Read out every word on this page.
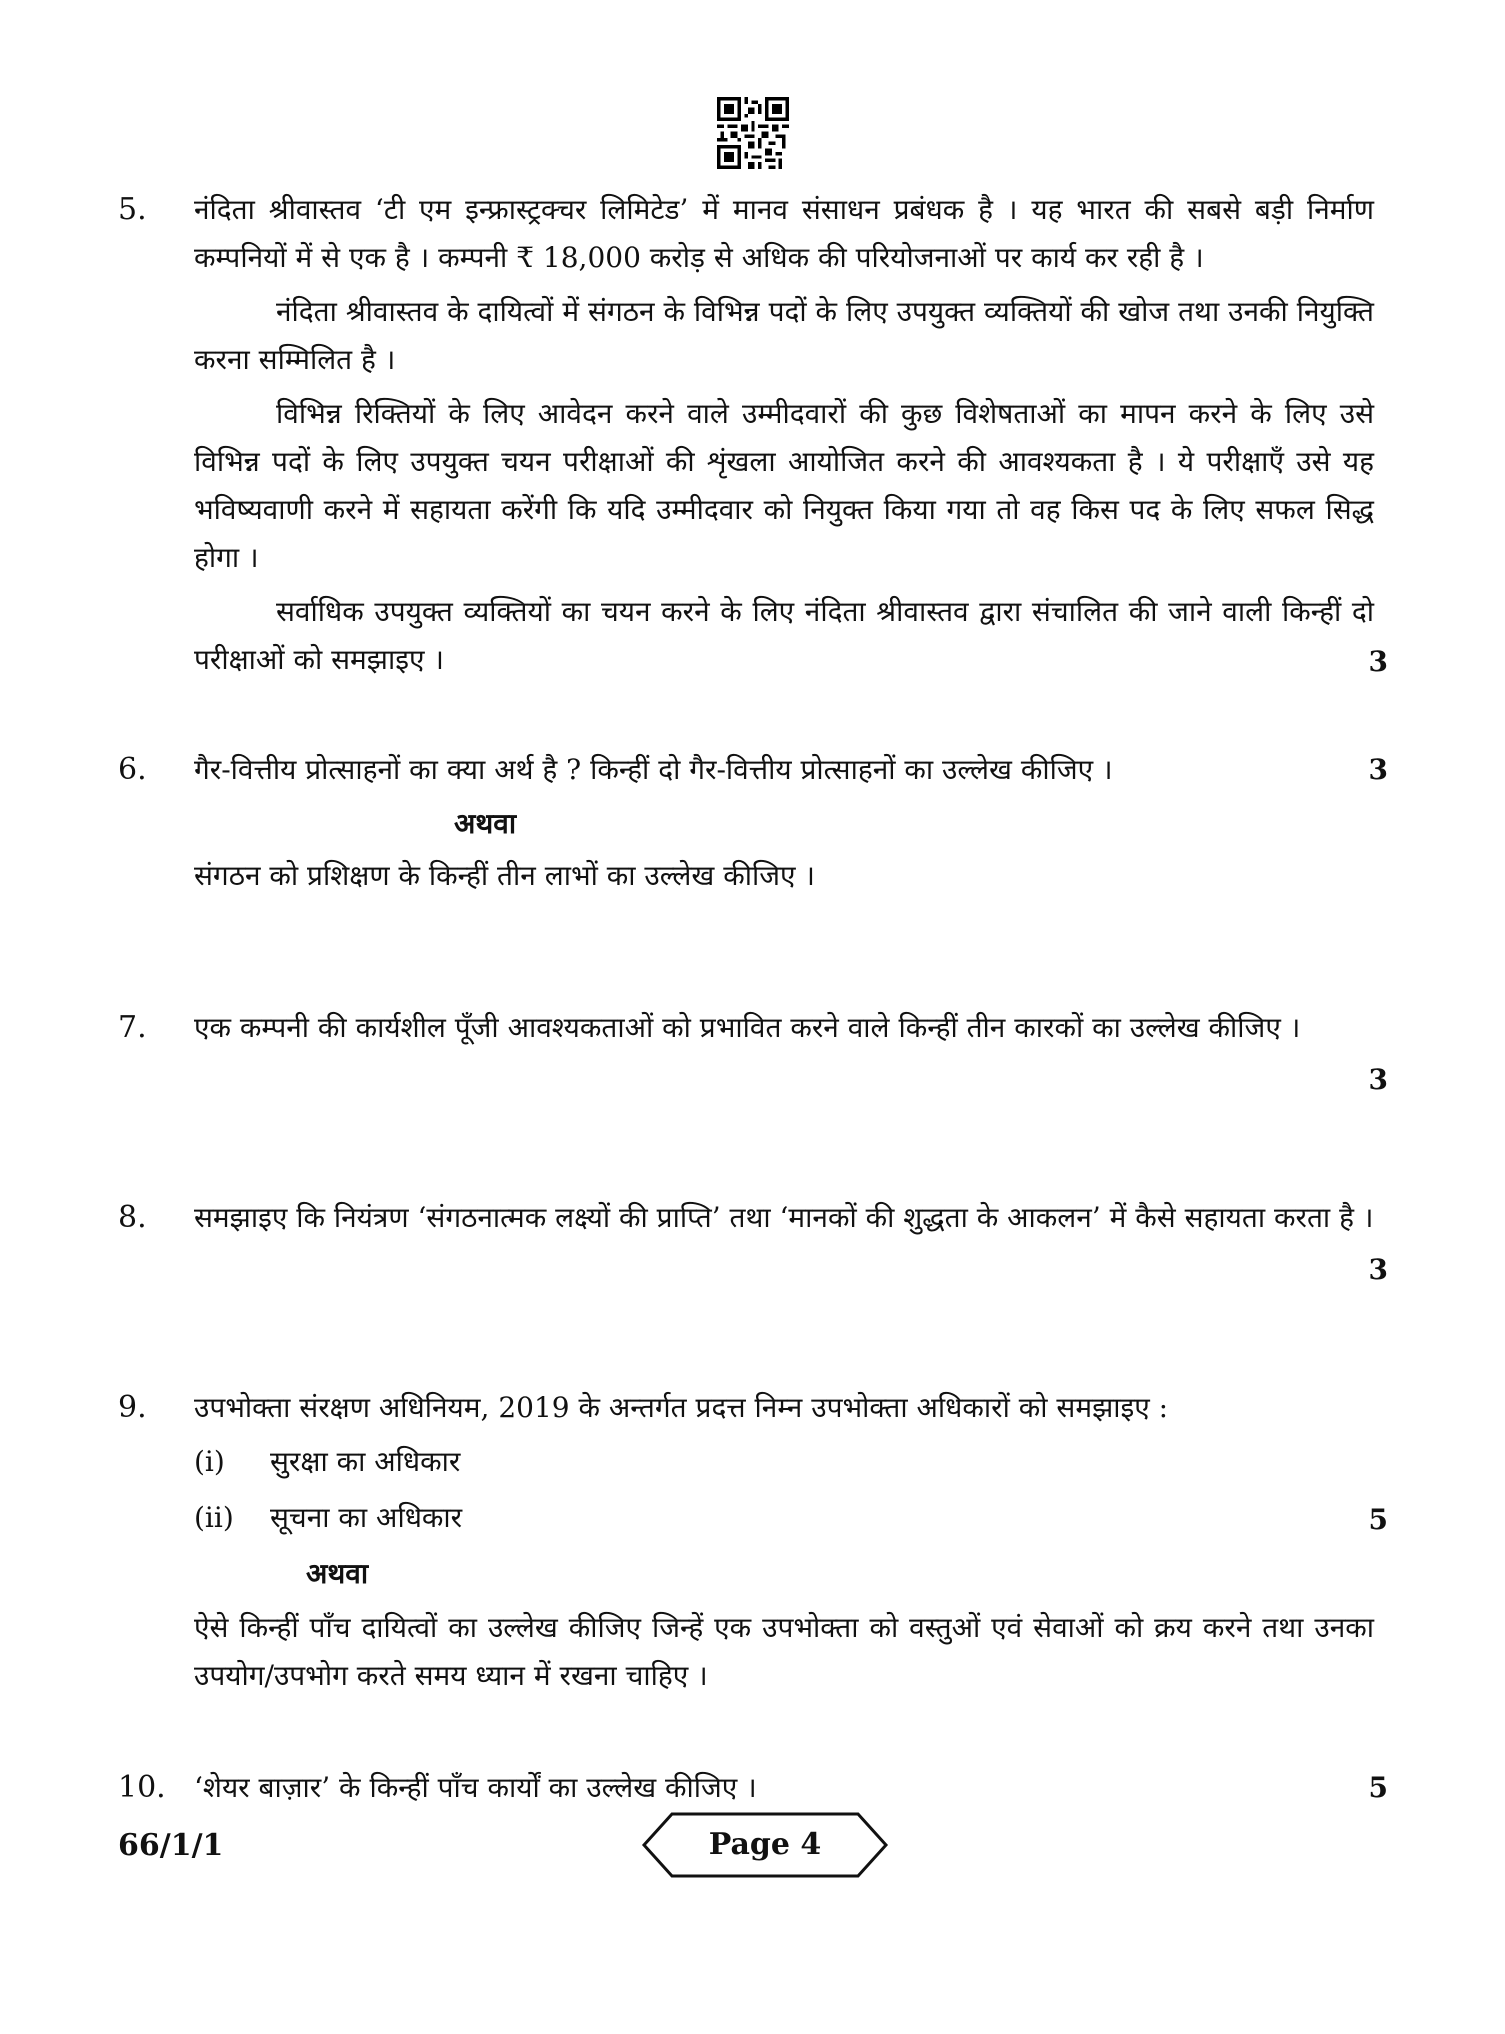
5. नंदिता श्रीवास्तव ‘टी एम इन्फ्रास्ट्रक्चर लिमिटेड’ में मानव संसाधन प्रबंधक है । यह भारत की सबसे बड़ी निर्माण कम्पनियों में से एक है । कम्पनी ₹ 18,000 करोड़ से अधिक की परियोजनाओं पर कार्य कर रही है ।

नंदिता श्रीवास्तव के दायित्वों में संगठन के विभिन्न पदों के लिए उपयुक्त व्यक्तियों की खोज तथा उनकी नियुक्ति करना सम्मिलित है ।

विभिन्न रिक्तियों के लिए आवेदन करने वाले उम्मीदवारों की कुछ विशेषताओं का मापन करने के लिए उसे विभिन्न पदों के लिए उपयुक्त चयन परीक्षाओं की शृंखला आयोजित करने की आवश्यकता है । ये परीक्षाएँ उसे यह भविष्यवाणी करने में सहायता करेंगी कि यदि उम्मीदवार को नियुक्त किया गया तो वह किस पद के लिए सफल सिद्ध होगा ।

सर्वाधिक उपयुक्त व्यक्तियों का चयन करने के लिए नंदिता श्रीवास्तव द्वारा संचालित की जाने वाली किन्हीं दो परीक्षाओं को समझाइए ।	3
6. गैर-वित्तीय प्रोत्साहनों का क्या अर्थ है ? किन्हीं दो गैर-वित्तीय प्रोत्साहनों का उल्लेख कीजिए ।

अथवा

संगठन को प्रशिक्षण के किन्हीं तीन लाभों का उल्लेख कीजिए ।

3
7. एक कम्पनी की कार्यशील पूँजी आवश्यकताओं को प्रभावित करने वाले किन्हीं तीन कारकों का उल्लेख कीजिए ।

3
8. समझाइए कि नियंत्रण ‘संगठनात्मक लक्ष्यों की प्राप्ति’ तथा ‘मानकों की शुद्धता के आकलन’ में कैसे सहायता करता है ।

3
9. उपभोक्ता संरक्षण अधिनियम, 2019 के अन्तर्गत प्रदत्त निम्न उपभोक्ता अधिकारों को समझाइए :

(i) सुरक्षा का अधिकार
(ii) सूचना का अधिकार
अथवा

ऐसे किन्हीं पाँच दायित्वों का उल्लेख कीजिए जिन्हें एक उपभोक्ता को वस्तुओं एवं सेवाओं को क्रय करने तथा उनका उपयोग/उपभोग करते समय ध्यान में रखना चाहिए ।

5
10. ‘शेयर बाज़ार’ के किन्हीं पाँच कार्यों का उल्लेख कीजिए ।	5
66/1/1	Page 4
